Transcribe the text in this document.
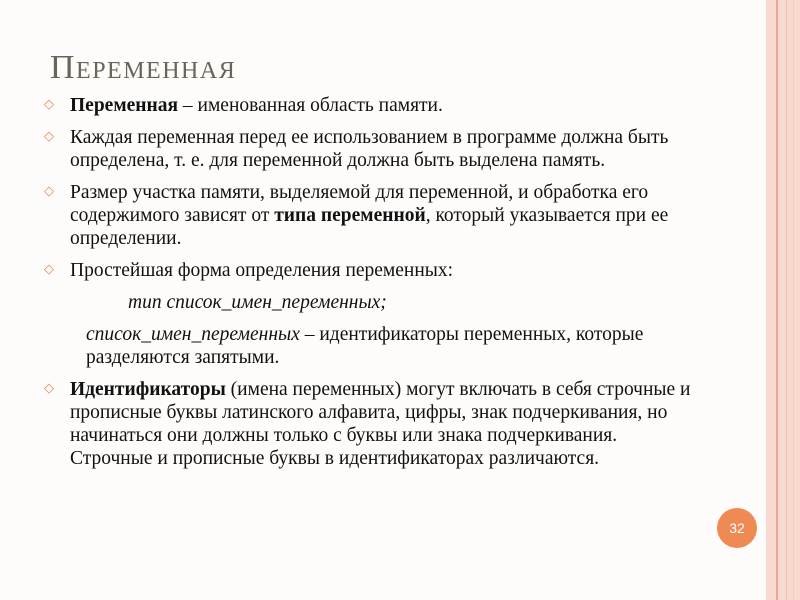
Переменная
◇ Переменная – именованная область памяти.
◇ Каждая переменная перед ее использованием в программе должна быть определена, т. е. для переменной должна быть выделена память.
◇ Размер участка памяти, выделяемой для переменной, и обработка его содержимого зависят от типа переменной, который указывается при ее определении.
◇ Простейшая форма определения переменных:
тип список_имен_переменных;
список_имен_переменных – идентификаторы переменных, которые разделяются запятыми.
◇ Идентификаторы (имена переменных) могут включать в себя строчные и прописные буквы латинского алфавита, цифры, знак подчеркивания, но начинаться они должны только с буквы или знака подчеркивания. Строчные и прописные буквы в идентификаторах различаются.
32
